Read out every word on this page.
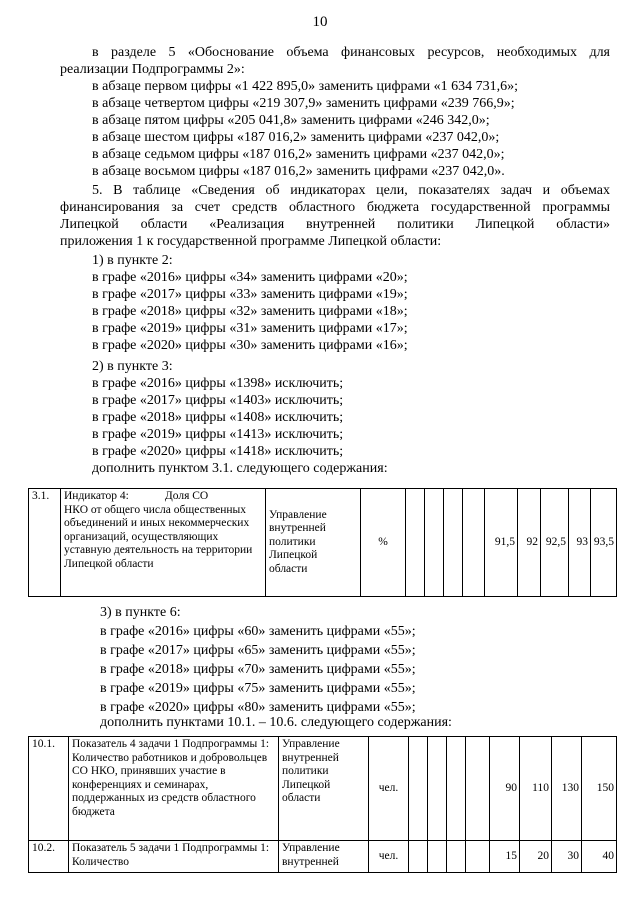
10
в разделе 5 «Обоснование объема финансовых ресурсов, необходимых для
реализации Подпрограммы 2»:
в абзаце первом цифры «1 422 895,0» заменить цифрами «1 634 731,6»;
в абзаце четвертом цифры «219 307,9» заменить цифрами «239 766,9»;
в абзаце пятом цифры «205 041,8» заменить цифрами «246 342,0»;
в абзаце шестом цифры «187 016,2» заменить цифрами «237 042,0»;
в абзаце седьмом цифры «187 016,2» заменить цифрами «237 042,0»;
в абзаце восьмом цифры «187 016,2» заменить цифрами «237 042,0».
5. В таблице «Сведения об индикаторах цели, показателях задач и объемах
финансирования за счет средств областного бюджета государственной программы
Липецкой области «Реализация внутренней политики Липецкой области»
приложения 1 к государственной программе Липецкой области:
1) в пункте 2:
в графе «2016» цифры «34» заменить цифрами «20»;
в графе «2017» цифры «33» заменить цифрами «19»;
в графе «2018» цифры «32» заменить цифрами «18»;
в графе «2019» цифры «31» заменить цифрами «17»;
в графе «2020» цифры «30» заменить цифрами «16»;
2) в пункте 3:
в графе «2016» цифры «1398» исключить;
в графе «2017» цифры «1403» исключить;
в графе «2018» цифры «1408» исключить;
в графе «2019» цифры «1413» исключить;
в графе «2020» цифры «1418» исключить;
дополнить пунктом 3.1. следующего содержания:
3.1.	Индикатор 4:	Доля СО
НКО от общего числа общественных объединений и иных некоммерческих организаций, осуществляющих уставную деятельность на территории Липецкой области	Управление внутренней политики Липецкой области	%					91,5	92	92,5	93	93,5
3) в пункте 6:
в графе «2016» цифры «60» заменить цифрами «55»;
в графе «2017» цифры «65» заменить цифрами «55»;
в графе «2018» цифры «70» заменить цифрами «55»;
в графе «2019» цифры «75» заменить цифрами «55»;
в графе «2020» цифры «80» заменить цифрами «55»;
дополнить пунктами 10.1. – 10.6. следующего содержания:
10.1.	Показатель 4 задачи 1 Подпрограммы 1: Количество работников и добровольцев СО НКО, принявших участие в конференциях и семинарах, поддержанных из средств областного бюджета	Управление внутренней политики Липецкой области	чел.					90	110	130	150
10.2.	Показатель 5 задачи 1 Подпрограммы 1: Количество	Управление внутренней	чел.					15	20	30	40
